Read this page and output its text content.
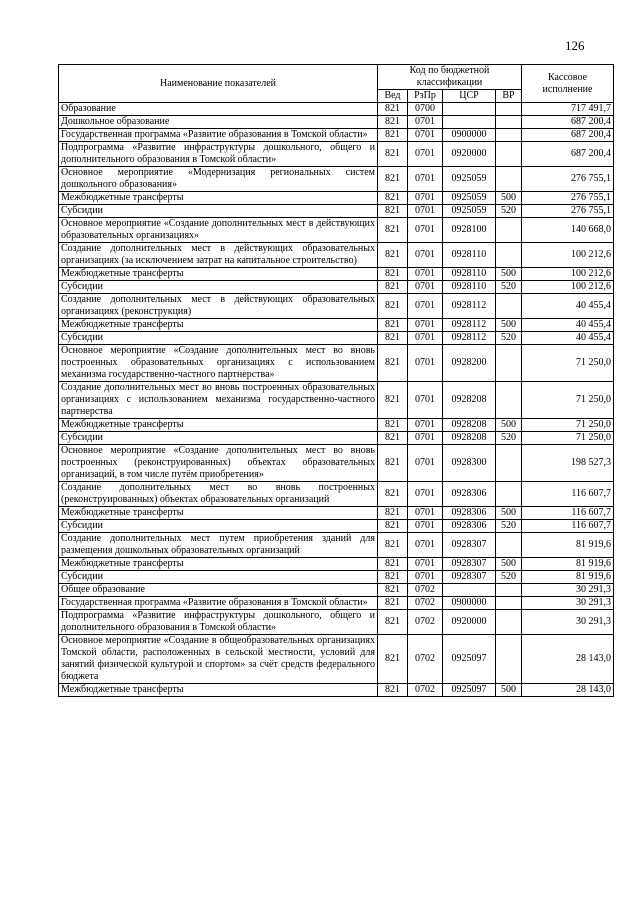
126
Наименование показателей	Код по бюджетной классификации				Кассовое исполнение
	Вед	РзПр	ЦСР	ВР	
Образование	821	0700			717 491,7
Дошкольное образование	821	0701			687 200,4
Государственная программа «Развитие образования в Томской области»	821	0701	0900000		687 200,4
Подпрограмма «Развитие инфраструктуры дошкольного, общего и дополнительного образования в Томской области»	821	0701	0920000		687 200,4
Основное мероприятие «Модернизация региональных систем дошкольного образования»	821	0701	0925059		276 755,1
Межбюджетные трансферты	821	0701	0925059	500	276 755,1
Субсидии	821	0701	0925059	520	276 755,1
Основное мероприятие «Создание дополнительных мест в действующих образовательных организациях»	821	0701	0928100		140 668,0
Создание дополнительных мест в действующих образовательных организациях (за исключением затрат на капитальное строительство)	821	0701	0928110		100 212,6
Межбюджетные трансферты	821	0701	0928110	500	100 212,6
Субсидии	821	0701	0928110	520	100 212,6
Создание дополнительных мест в действующих образовательных организациях (реконструкция)	821	0701	0928112		40 455,4
Межбюджетные трансферты	821	0701	0928112	500	40 455,4
Субсидии	821	0701	0928112	520	40 455,4
Основное мероприятие «Создание дополнительных мест во вновь построенных образовательных организациях с использованием механизма государственно-частного партнерства»	821	0701	0928200		71 250,0
Создание дополнительных мест во вновь построенных образовательных организациях с использованием механизма государственно-частного партнерства	821	0701	0928208		71 250,0
Межбюджетные трансферты	821	0701	0928208	500	71 250,0
Субсидии	821	0701	0928208	520	71 250,0
Основное мероприятие «Создание дополнительных мест во вновь построенных (реконструированных) объектах образовательных организаций, в том числе путём приобретения»	821	0701	0928300		198 527,3
Создание дополнительных мест во вновь построенных (реконструированных) объектах образовательных организаций	821	0701	0928306		116 607,7
Межбюджетные трансферты	821	0701	0928306	500	116 607,7
Субсидии	821	0701	0928306	520	116 607,7
Создание дополнительных мест путем приобретения зданий для размещения дошкольных образовательных организаций	821	0701	0928307		81 919,6
Межбюджетные трансферты	821	0701	0928307	500	81 919,6
Субсидии	821	0701	0928307	520	81 919,6
Общее образование	821	0702			30 291,3
Государственная программа «Развитие образования в Томской области»	821	0702	0900000		30 291,3
Подпрограмма «Развитие инфраструктуры дошкольного, общего и дополнительного образования в Томской области»	821	0702	0920000		30 291,3
Основное мероприятие «Создание в общеобразовательных организациях Томской области, расположенных в сельской местности, условий для занятий физической культурой и спортом» за счёт средств федерального бюджета	821	0702	0925097		28 143,0
Межбюджетные трансферты	821	0702	0925097	500	28 143,0
